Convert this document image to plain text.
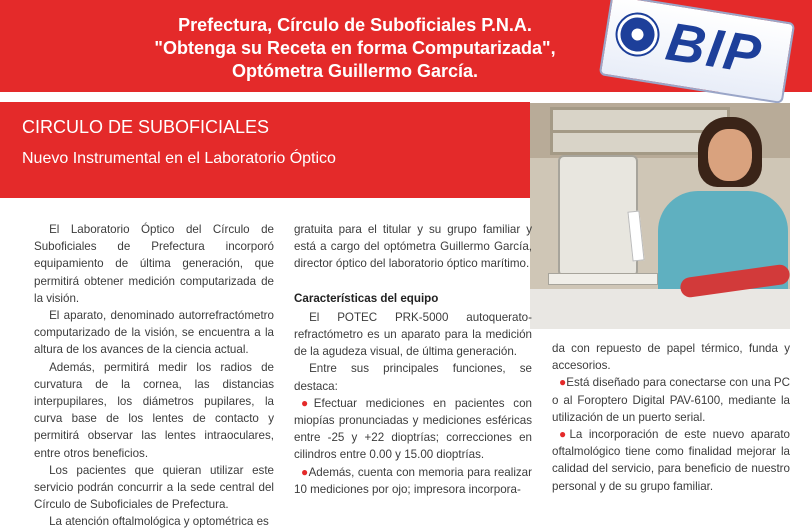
Prefectura, Círculo de Suboficiales P.N.A.
"Obtenga su Receta en forma Computarizada",
Optómetra Guillermo García.	BIP
CIRCULO DE SUBOFICIALES
Nuevo Instrumental en el Laboratorio Óptico

El Laboratorio Óptico del Círculo de Suboficiales de Prefectura incorporó equipamiento de última generación, que permitirá obtener medición computarizada de la visión.

El aparato, denominado autorrefractómetro computarizado de la visión, se encuentra a la altura de los avances de la ciencia actual.

Además, permitirá medir los radios de curvatura de la cornea, las distancias interpupilares, los diámetros pupilares, la curva base de los lentes de contacto y permitirá observar las lentes intraoculares, entre otros beneficios.

Los pacientes que quieran utilizar este servicio podrán concurrir a la sede central del Círculo de Suboficiales de Prefectura.

La atención oftalmológica y optométrica es

gratuita para el titular y su grupo familiar y está a cargo del optómetra Guillermo García, director óptico del laboratorio óptico marítimo.

Características del equipo

El POTEC PRK-5000 autoquerato-refractómetro es un aparato para la medición de la agudeza visual, de última generación.

Entre sus principales funciones, se destaca:

●Efectuar mediciones en pacientes con miopías pronunciadas y mediciones esféricas entre -25 y +22 dioptrías; correcciones en cilindros entre 0.00 y 15.00 dioptrías.

●Además, cuenta con memoria para realizar 10 mediciones por ojo; impresora incorpora-

da con repuesto de papel térmico, funda y accesorios.

●Está diseñado para conectarse con una PC o al Foroptero Digital PAV-6100, mediante la utilización de un puerto serial.

●La incorporación de este nuevo aparato oftalmológico tiene como finalidad mejorar la calidad del servicio, para beneficio de nuestro personal y de su grupo familiar.
